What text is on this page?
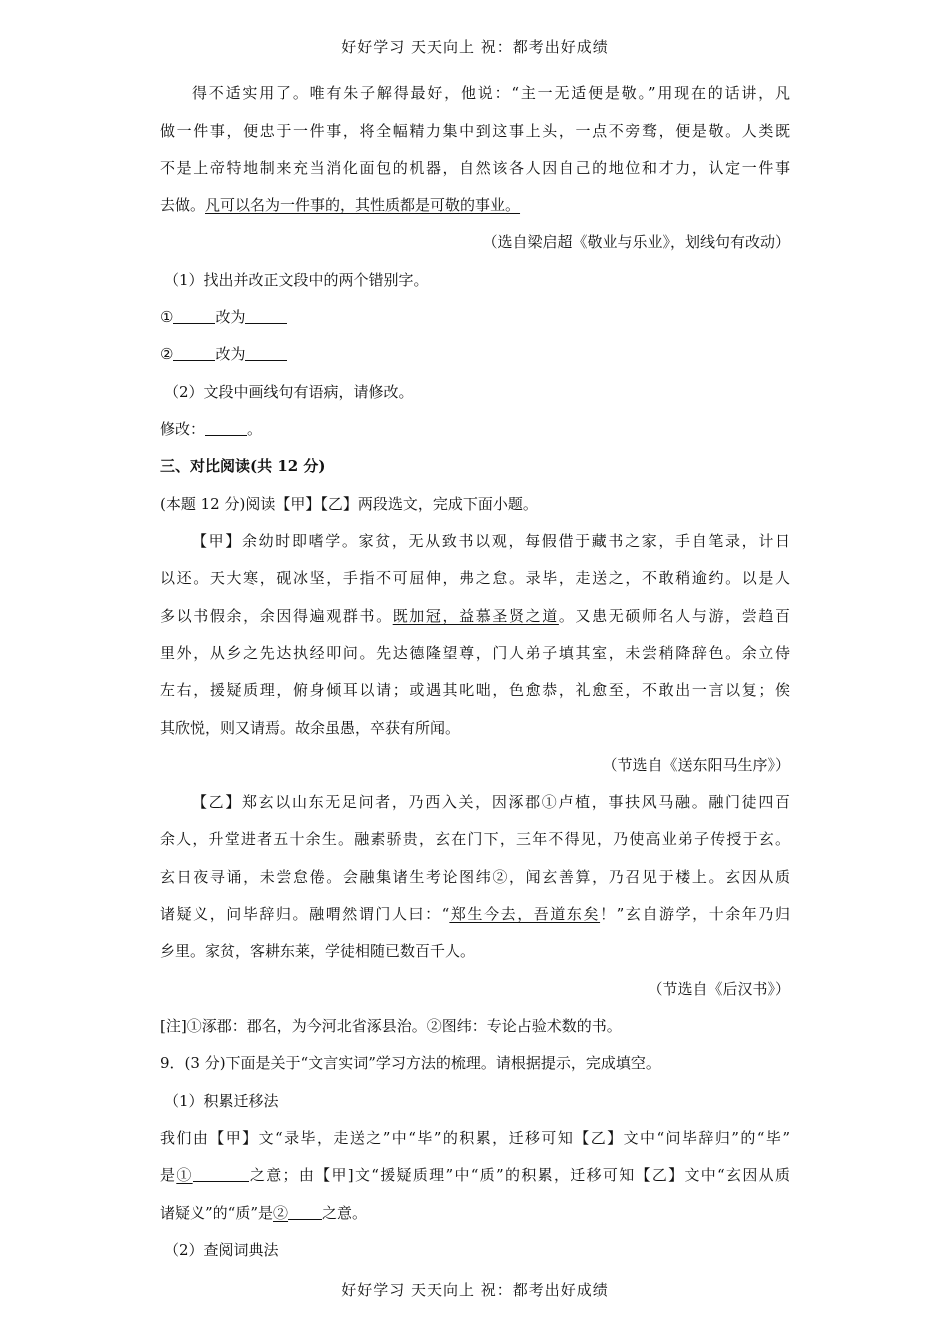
好好学习 天天向上 祝：都考出好成绩
得不适实用了。唯有朱子解得最好，他说：“主一无适便是敬。”用现在的话讲，凡
做一件事，便忠于一件事，将全幅精力集中到这事上头，一点不旁骛，便是敬。人类既
不是上帝特地制来充当消化面包的机器，自然该各人因自己的地位和才力，认定一件事
去做。凡可以名为一件事的，其性质都是可敬的事业。
（选自梁启超《敬业与乐业》，划线句有改动）
（1）找出并改正文段中的两个错别字。
①	改为
②	改为
（2）文段中画线句有语病，请修改。
修改：	。
三、对比阅读(共 12 分)
(本题 12 分)阅读【甲】【乙】两段选文，完成下面小题。
【甲】余幼时即嗜学。家贫，无从致书以观，每假借于藏书之家，手自笔录，计日
以还。天大寒，砚冰坚，手指不可屈伸，弗之怠。录毕，走送之，不敢稍逾约。以是人
多以书假余，余因得遍观群书。既加冠，益慕圣贤之道。又患无硕师名人与游，尝趋百
里外，从乡之先达执经叩问。先达德隆望尊，门人弟子填其室，未尝稍降辞色。余立侍
左右，援疑质理，俯身倾耳以请；或遇其叱咄，色愈恭，礼愈至，不敢出一言以复；俟
其欣悦，则又请焉。故余虽愚，卒获有所闻。
（节选自《送东阳马生序》）
【乙】郑玄以山东无足问者，乃西入关，因涿郡①卢植，事扶风马融。融门徒四百
余人，升堂进者五十余生。融素骄贵，玄在门下，三年不得见，乃使高业弟子传授于玄。
玄日夜寻诵，未尝怠倦。会融集诸生考论图纬②，闻玄善算，乃召见于楼上。玄因从质
诸疑义，问毕辞归。融喟然谓门人曰：“郑生今去，吾道东矣！”玄自游学，十余年乃归
乡里。家贫，客耕东莱，学徒相随已数百千人。
（节选自《后汉书》）
[注]①涿郡：郡名，为今河北省涿县治。②图纬：专论占验术数的书。
9．(3 分)下面是关于“文言实词”学习方法的梳理。请根据提示，完成填空。
（1）积累迁移法
我们由【甲】文“录毕，走送之”中“毕”的积累，迁移可知【乙】文中“问毕辞归”的“毕”
是①	之意；由【甲]文“援疑质理”中“质”的积累，迁移可知【乙】文中“玄因从质
诸疑义”的“质”是② 之意。
（2）查阅词典法
好好学习 天天向上 祝：都考出好成绩
